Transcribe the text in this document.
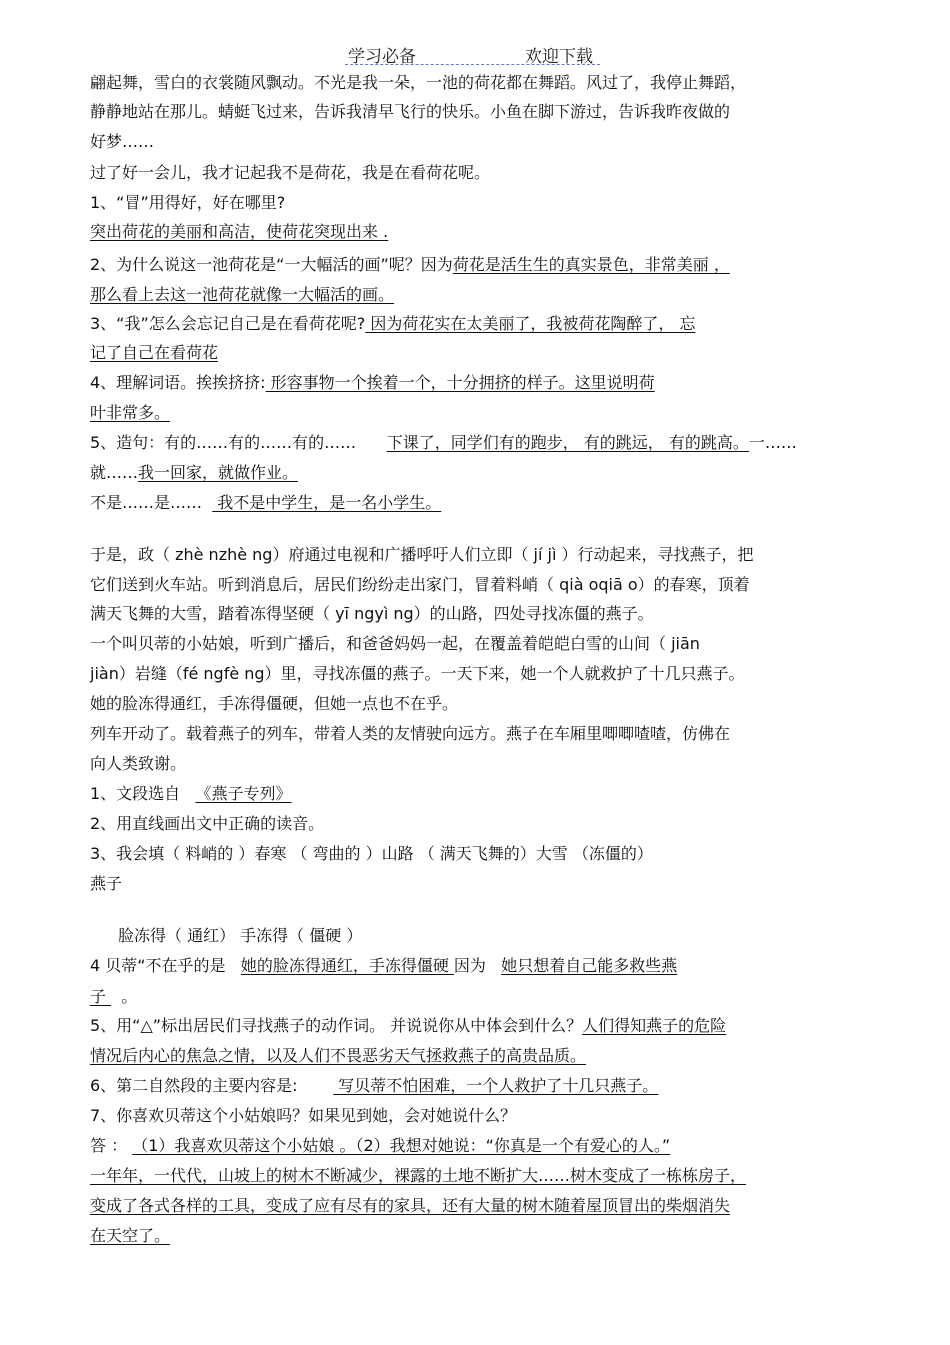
学习必备	欢迎下载
翩起舞，雪白的衣裳随风飘动。不光是我一朵，一池的荷花都在舞蹈。风过了，我停止舞蹈，
静静地站在那儿。蜻蜓飞过来，告诉我清早飞行的快乐。小鱼在脚下游过，告诉我昨夜做的
好梦……
过了好一会儿，我才记起我不是荷花，我是在看荷花呢。
1、“冒”用得好，好在哪里?
突出荷花的美丽和高洁，使荷花突现出来 .
2、为什么说这一池荷花是“一大幅活的画”呢？因为荷花是活生生的真实景色，非常美丽 ，
那么看上去这一池荷花就像一大幅活的画。
3、“我”怎么会忘记自己是在看荷花呢? 因为荷花实在太美丽了，我被荷花陶醉了， 忘
记了自己在看荷花
4、理解词语。挨挨挤挤: 形容事物一个挨着一个，十分拥挤的样子。这里说明荷
叶非常多。
5、造句：有的……有的……有的…… 下课了，同学们有的跑步， 有的跳远， 有的跳高。一……
就……我一回家，就做作业。
不是……是……   我不是中学生，是一名小学生。
于是，政（ zhè nzhè ng）府通过电视和广播呼吁人们立即（ jí jì ）行动起来，寻找燕子，把
它们送到火车站。听到消息后，居民们纷纷走出家门，冒着料峭（ qià oqiā o）的春寒，顶着
满天飞舞的大雪，踏着冻得坚硬（ yī ngyì ng）的山路，四处寻找冻僵的燕子。
一个叫贝蒂的小姑娘，听到广播后，和爸爸妈妈一起，在覆盖着皑皑白雪的山间（ jiān
jiàn）岩缝（fé ngfè ng）里，寻找冻僵的燕子。一天下来，她一个人就救护了十几只燕子。
她的脸冻得通红，手冻得僵硬，但她一点也不在乎。
列车开动了。载着燕子的列车，带着人类的友情驶向远方。燕子在车厢里唧唧喳喳，仿佛在
向人类致谢。
1、文段选自 《燕子专列》
2、用直线画出文中正确的读音。
3、我会填（ 料峭的 ）春寒 （ 弯曲的 ）山路 （ 满天飞舞的）大雪 （冻僵的）
燕子
脸冻得（ 通红） 手冻得（ 僵硬 ）
4 贝蒂“不在乎的是 她的脸冻得通红，手冻得僵硬 因为 她只想着自己能多救些燕
子   。
5、用“△”标出居民们寻找燕子的动作词。 并说说你从中体会到什么？人们得知燕子的危险
情况后内心的焦急之情，以及人们不畏恶劣天气拯救燕子的高贵品质。
6、第二自然段的主要内容是:        写贝蒂不怕困难，一个人救护了十几只燕子。
7、你喜欢贝蒂这个小姑娘吗？如果见到她，会对她说什么？
答 ： （1）我喜欢贝蒂这个小姑娘 。（2）我想对她说：“你真是一个有爱心的人。”
一年年，一代代，山坡上的树木不断减少，裸露的土地不断扩大……树木变成了一栋栋房子，
变成了各式各样的工具，变成了应有尽有的家具，还有大量的树木随着屋顶冒出的柴烟消失
在天空了。
